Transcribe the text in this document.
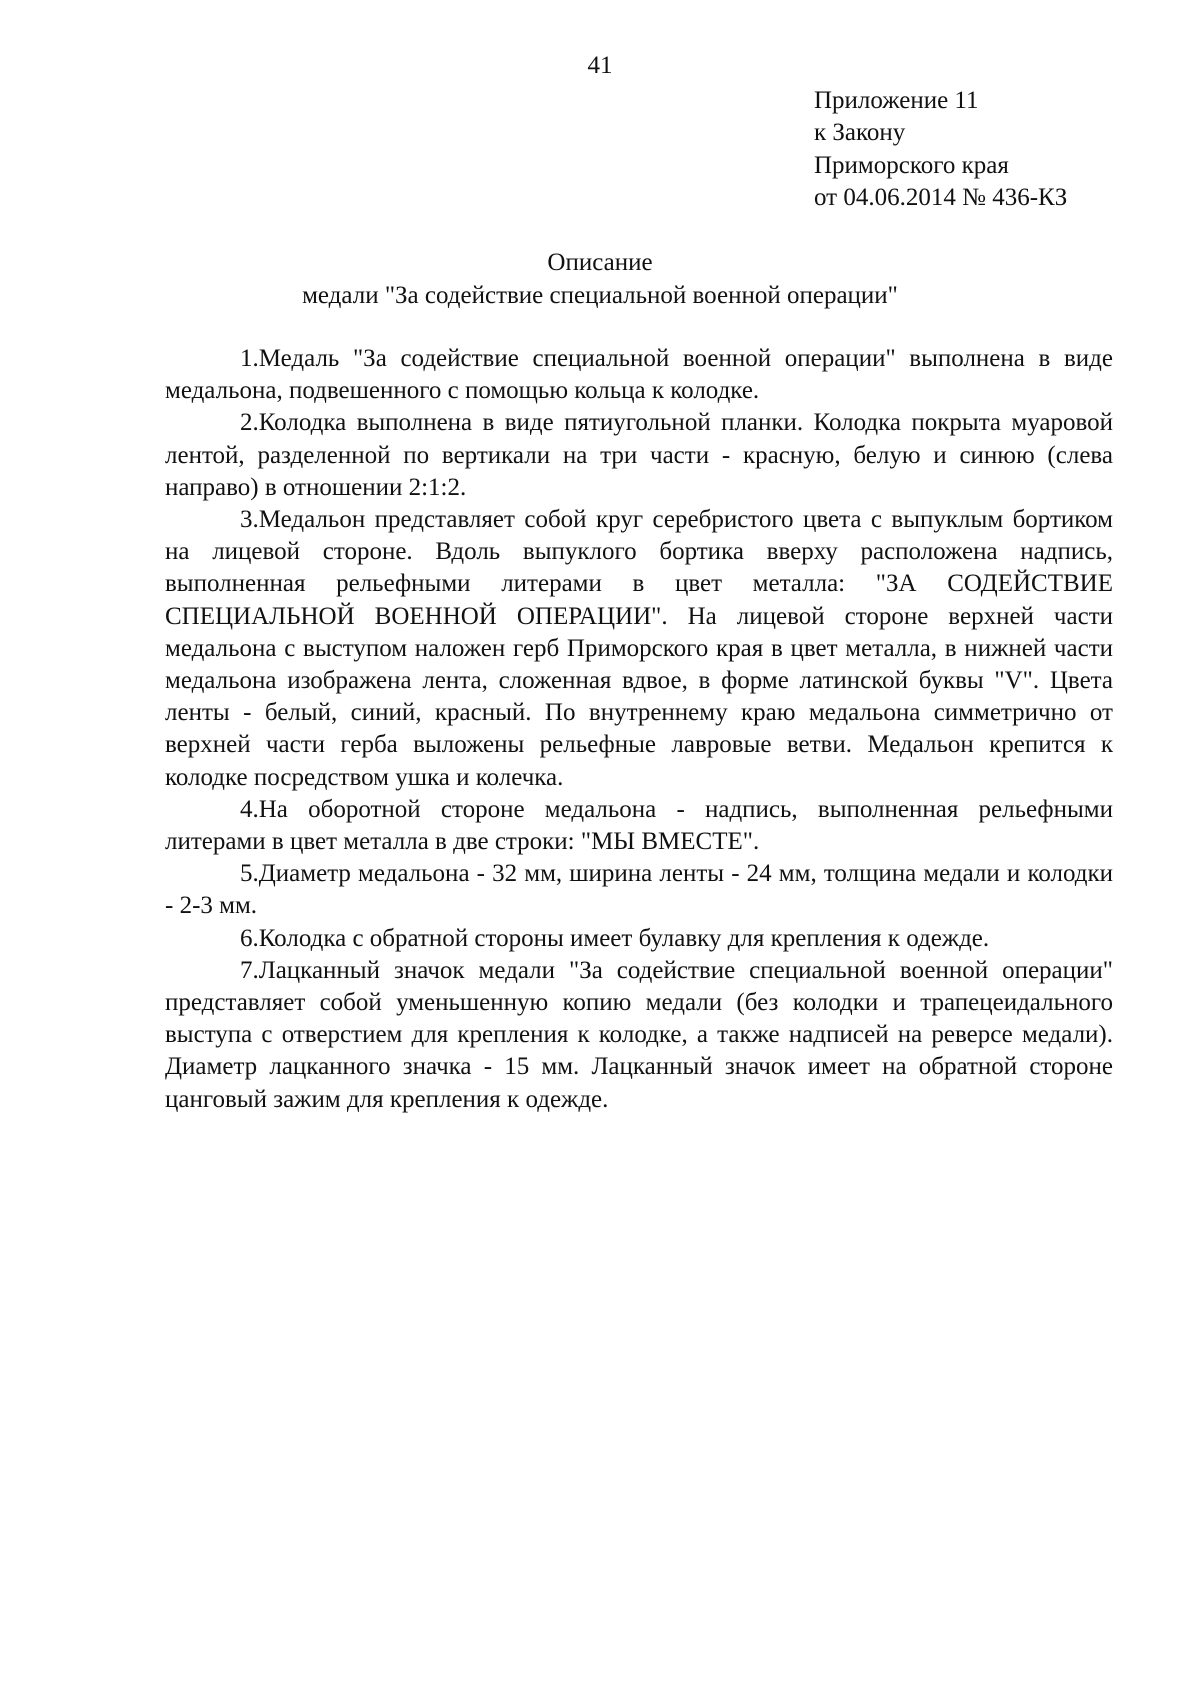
41
Приложение 11
к Закону
Приморского края
от 04.06.2014 № 436-КЗ
Описание
медали "За содействие специальной военной операции"

1.Медаль "За содействие специальной военной операции" выполнена в виде медальона, подвешенного с помощью кольца к колодке.

2.Колодка выполнена в виде пятиугольной планки. Колодка покрыта муаровой лентой, разделенной по вертикали на три части - красную, белую и синюю (слева направо) в отношении 2:1:2.

3.Медальон представляет собой круг серебристого цвета с выпуклым бортиком на лицевой стороне. Вдоль выпуклого бортика вверху расположена надпись, выполненная рельефными литерами в цвет металла: "ЗА СОДЕЙСТВИЕ СПЕЦИАЛЬНОЙ ВОЕННОЙ ОПЕРАЦИИ". На лицевой стороне верхней части медальона с выступом наложен герб Приморского края в цвет металла, в нижней части медальона изображена лента, сложенная вдвое, в форме латинской буквы "V". Цвета ленты - белый, синий, красный. По внутреннему краю медальона симметрично от верхней части герба выложены рельефные лавровые ветви. Медальон крепится к колодке посредством ушка и колечка.

4.На оборотной стороне медальона - надпись, выполненная рельефными литерами в цвет металла в две строки: "МЫ ВМЕСТЕ".

5.Диаметр медальона - 32 мм, ширина ленты - 24 мм, толщина медали и колодки - 2-3 мм.

6.Колодка с обратной стороны имеет булавку для крепления к одежде.

7.Лацканный значок медали "За содействие специальной военной операции" представляет собой уменьшенную копию медали (без колодки и трапецеидального выступа с отверстием для крепления к колодке, а также надписей на реверсе медали). Диаметр лацканного значка - 15 мм. Лацканный значок имеет на обратной стороне цанговый зажим для крепления к одежде.
